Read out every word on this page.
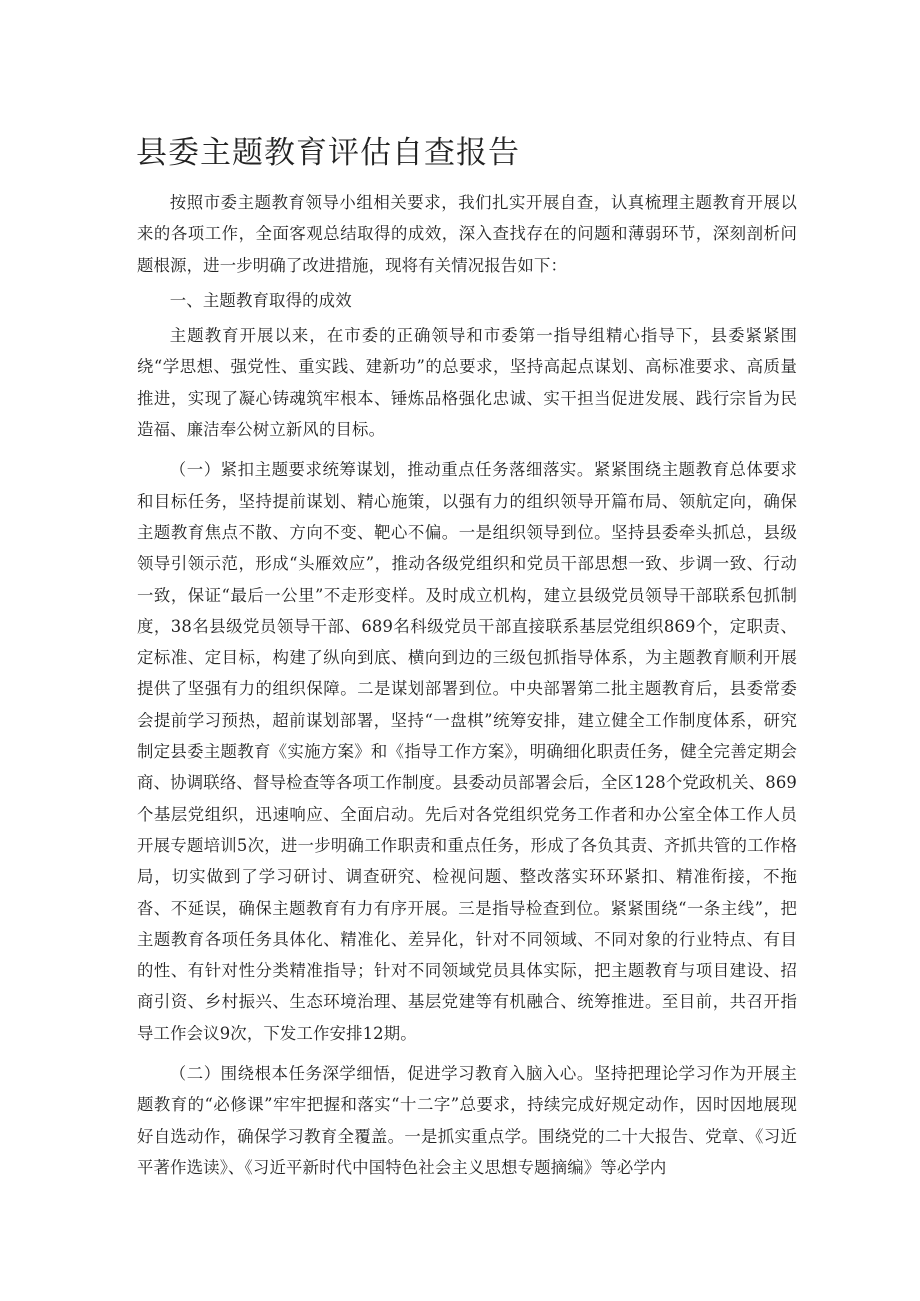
县委主题教育评估自查报告

按照市委主题教育领导小组相关要求，我们扎实开展自查，认真梳理主题教育开展以来的各项工作，全面客观总结取得的成效，深入查找存在的问题和薄弱环节，深刻剖析问题根源，进一步明确了改进措施，现将有关情况报告如下：

一、主题教育取得的成效

主题教育开展以来，在市委的正确领导和市委第一指导组精心指导下，县委紧紧围绕“学思想、强党性、重实践、建新功”的总要求，坚持高起点谋划、高标准要求、高质量推进，实现了凝心铸魂筑牢根本、锤炼品格强化忠诚、实干担当促进发展、践行宗旨为民造福、廉洁奉公树立新风的目标。

（一）紧扣主题要求统筹谋划，推动重点任务落细落实。紧紧围绕主题教育总体要求和目标任务，坚持提前谋划、精心施策，以强有力的组织领导开篇布局、领航定向，确保主题教育焦点不散、方向不变、靶心不偏。一是组织领导到位。坚持县委牵头抓总，县级领导引领示范，形成“头雁效应”，推动各级党组织和党员干部思想一致、步调一致、行动一致，保证“最后一公里”不走形变样。及时成立机构，建立县级党员领导干部联系包抓制度，38名县级党员领导干部、689名科级党员干部直接联系基层党组织869个，定职责、定标准、定目标，构建了纵向到底、横向到边的三级包抓指导体系，为主题教育顺利开展提供了坚强有力的组织保障。二是谋划部署到位。中央部署第二批主题教育后，县委常委会提前学习预热，超前谋划部署，坚持“一盘棋”统筹安排，建立健全工作制度体系，研究制定县委主题教育《实施方案》和《指导工作方案》，明确细化职责任务，健全完善定期会商、协调联络、督导检查等各项工作制度。县委动员部署会后，全区128个党政机关、869个基层党组织，迅速响应、全面启动。先后对各党组织党务工作者和办公室全体工作人员开展专题培训5次，进一步明确工作职责和重点任务，形成了各负其责、齐抓共管的工作格局，切实做到了学习研讨、调查研究、检视问题、整改落实环环紧扣、精准衔接，不拖沓、不延误，确保主题教育有力有序开展。三是指导检查到位。紧紧围绕“一条主线”，把主题教育各项任务具体化、精准化、差异化，针对不同领域、不同对象的行业特点、有目的性、有针对性分类精准指导；针对不同领域党员具体实际，把主题教育与项目建设、招商引资、乡村振兴、生态环境治理、基层党建等有机融合、统筹推进。至目前，共召开指导工作会议9次，下发工作安排12期。

（二）围绕根本任务深学细悟，促进学习教育入脑入心。坚持把理论学习作为开展主题教育的“必修课”牢牢把握和落实“十二字”总要求，持续完成好规定动作，因时因地展现好自选动作，确保学习教育全覆盖。一是抓实重点学。围绕党的二十大报告、党章、《习近平著作选读》、《习近平新时代中国特色社会主义思想专题摘编》等必学内
